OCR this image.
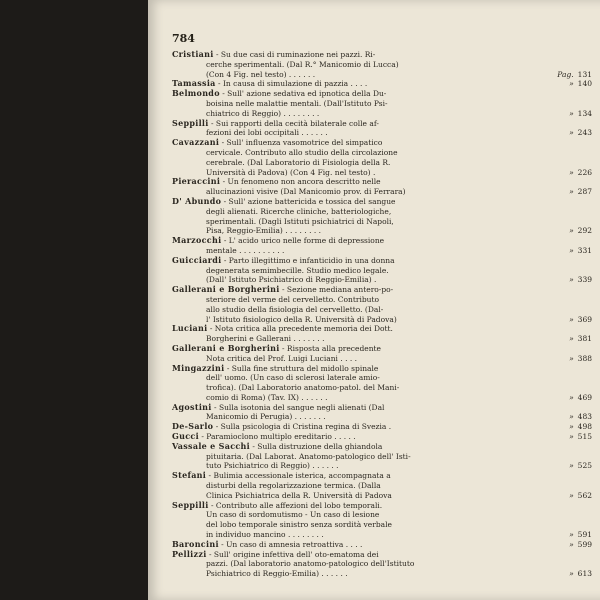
784
Cristiani - Su due casi di ruminazione nei pazzi. Ri-
cerche sperimentali. (Dal R.° Manicomio di Lucca)
(Con 4 Fig. nel testo) . . . . . .	Pag. 131
Tamassia - In causa di simulazione di pazzia . . . .	» 140
Belmondo - Sull' azione sedativa ed ipnotica della Du-
boisina nelle malattie mentali. (Dall'Istituto Psi-
chiatrico di Reggio) . . . . . . . .	» 134
Seppilli - Sui rapporti della cecità bilaterale colle af-
fezioni dei lobi occipitali . . . . . .	» 243
Cavazzani - Sull' influenza vasomotrice del simpatico
cervicale. Contributo allo studio della circolazione
cerebrale. (Dal Laboratorio di Fisiologia della R.
Università di Padova) (Con 4 Fig. nel testo) .	» 226
Pieraccini - Un fenomeno non ancora descritto nelle
allucinazioni visive (Dal Manicomio prov. di Ferrara)	» 287
D' Abundo - Sull' azione battericida e tossica del sangue
degli alienati. Ricerche cliniche, batteriologiche,
sperimentali. (Dagli Istituti psichiatrici di Napoli,
Pisa, Reggio-Emilia) . . . . . . . .	» 292
Marzocchi - L' acido urico nelle forme di depressione
mentale . . . . . . . . . .	» 331
Guicciardi - Parto illegittimo e infanticidio in una donna
degenerata semimbecille. Studio medico legale.
(Dall' Istituto Psichiatrico di Reggio-Emilia) .	» 339
Gallerani e Borgherini - Sezione mediana antero-po-
steriore del verme del cervelletto. Contributo
allo studio della fisiologia del cervelletto. (Dal-
l' Istituto fisiologico della R. Università di Padova)	» 369
Luciani - Nota critica alla precedente memoria dei Dott.
Borgherini e Gallerani . . . . . . .	» 381
Gallerani e Borgherini - Risposta alla precedente
Nota critica del Prof. Luigi Luciani . . . .	» 388
Mingazzini - Sulla fine struttura del midollo spinale
dell' uomo. (Un caso di sclerosi laterale amio-
trofica). (Dal Laboratorio anatomo-patol. del Mani-
comio di Roma) (Tav. IX) . . . . . .	» 469
Agostini - Sulla isotonia del sangue negli alienati (Dal
Manicomio di Perugia) . . . . . . .	» 483
De-Sarlo - Sulla psicologia di Cristina regina di Svezia .	» 498
Gucci - Paramioclono multiplo ereditario . . . . .	» 515
Vassale e Sacchi - Sulla distruzione della ghiandola
pituitaria. (Dal Laborat. Anatomo-patologico dell' Isti-
tuto Psichiatrico di Reggio) . . . . . .	» 525
Stefani - Bulimia accessionale isterica, accompagnata a
disturbi della regolarizzazione termica. (Dalla
Clinica Psichiatrica della R. Università di Padova	» 562
Seppilli - Contributo alle affezioni del lobo temporali.
Un caso di sordomutismo - Un caso di lesione
del lobo temporale sinistro senza sordità verbale
in individuo mancino . . . . . . . .	» 591
Baroncini - Un caso di amnesia retroattiva . . . .	» 599
Pellizzi - Sull' origine infettiva dell' oto-ematoma dei
pazzi. (Dal laboratorio anatomo-patologico dell'Istituto
Psichiatrico di Reggio-Emilia) . . . . . .	» 613
